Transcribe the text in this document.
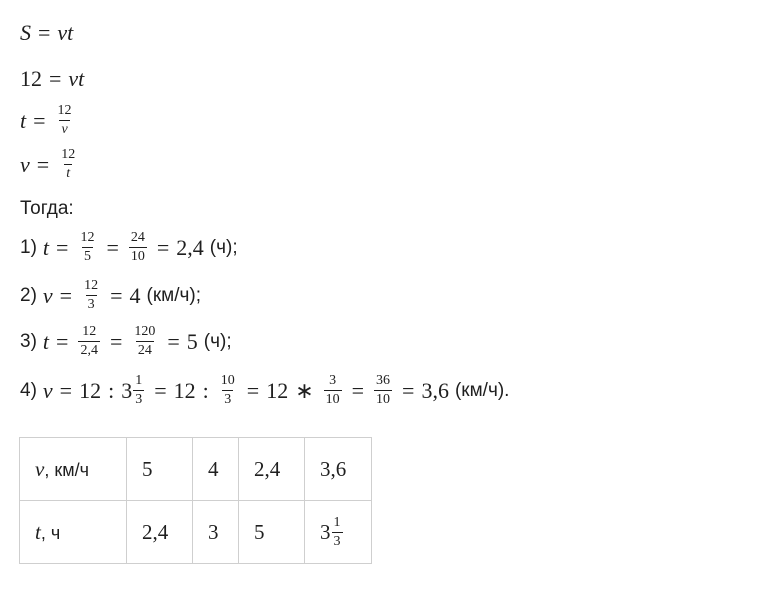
S = vt
12 = vt
$t = \frac{12}{v}$
$v = \frac{12}{t}$
Тогда:
1) $t = \frac{12}{5} = \frac{24}{10} = 2,4$ (ч);
2) $v = \frac{12}{3} = 4$ (км/ч);
3) $t = \frac{12}{2,4} = \frac{120}{24} = 5$ (ч);
4) v = 12 : $3 \frac{1}{3} = 12$ : $\frac{10}{3} = 12$ ∗ $\frac{3}{10} = \frac{36}{10} = 3,6$ (км/ч).
v, км/ч	5	4	2,4	3,6
t, ч	2,4	3	5	$3 \frac{1}{3}$
